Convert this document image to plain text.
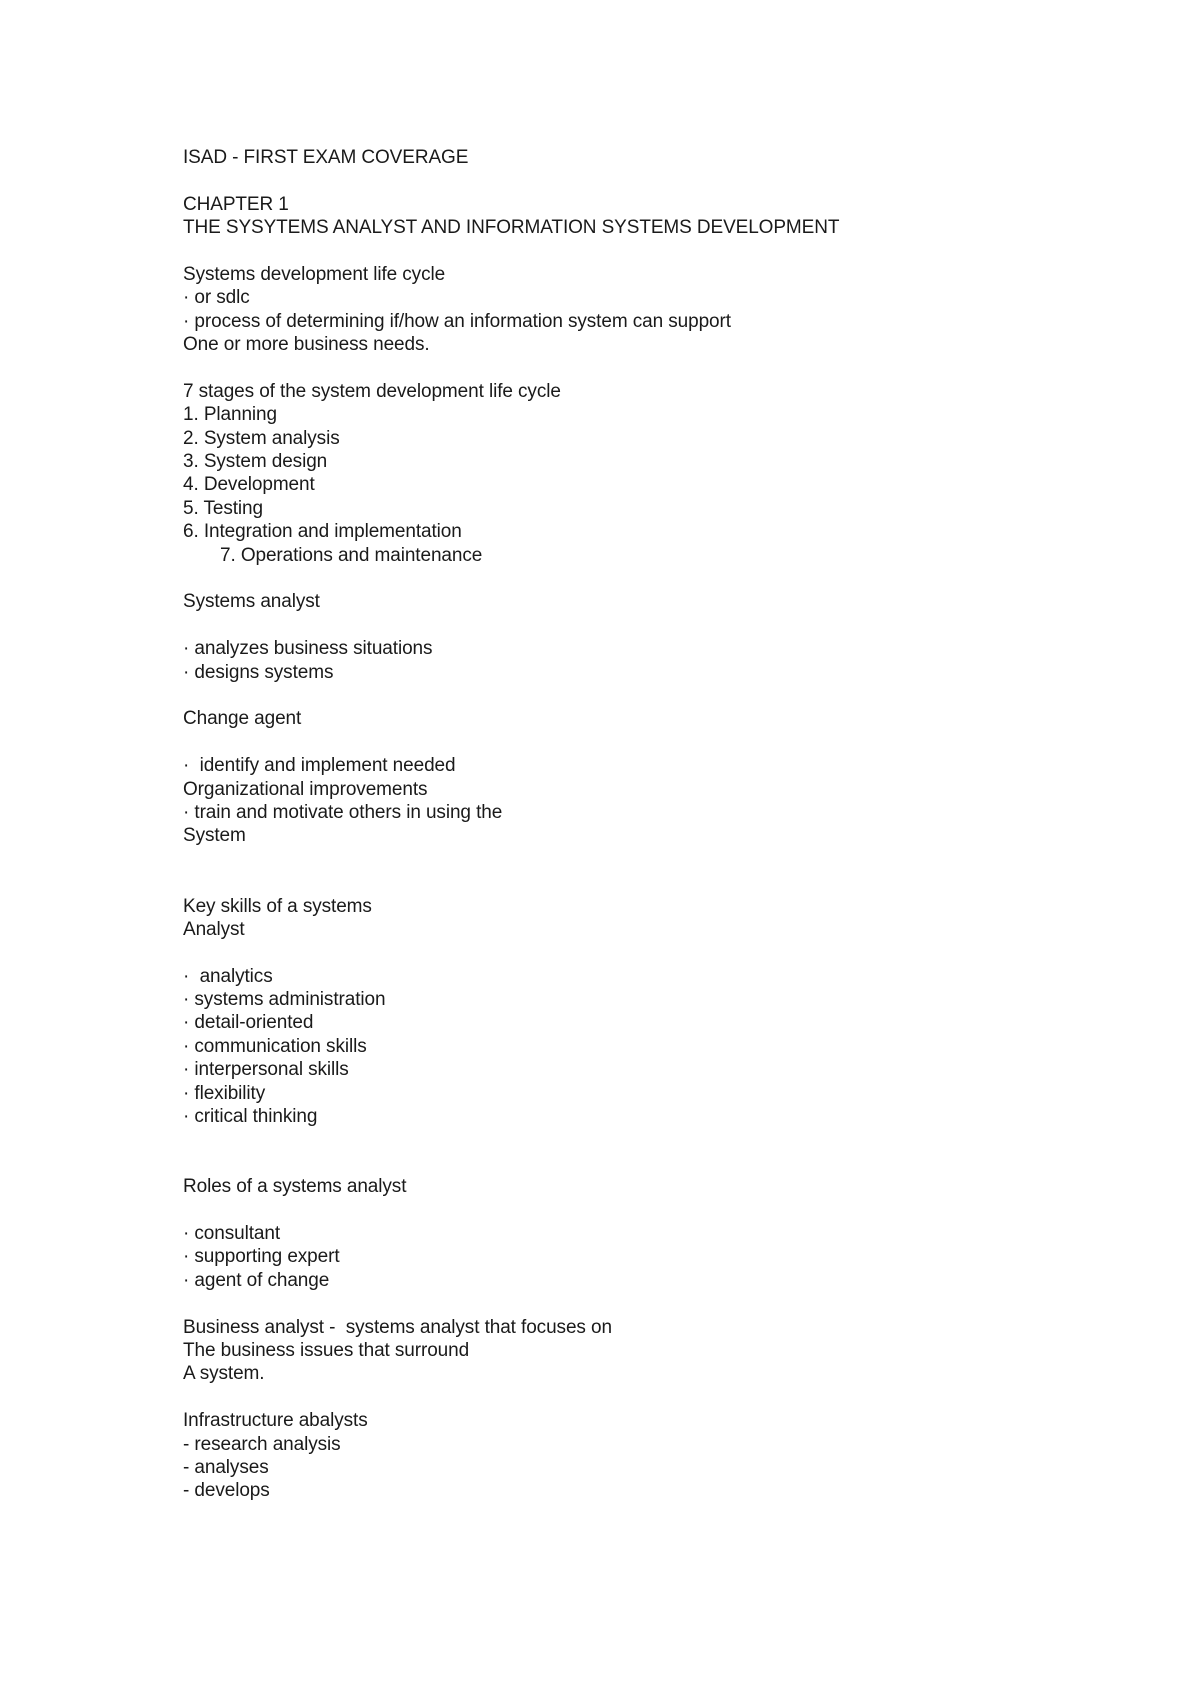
ISAD - FIRST EXAM COVERAGE
CHAPTER 1
THE SYSYTEMS ANALYST AND INFORMATION SYSTEMS DEVELOPMENT
Systems development life cycle
· or sdlc
· process of determining if/how an information system can support
One or more business needs.
7 stages of the system development life cycle
1. Planning
2. System analysis
3. System design
4. Development
5. Testing
6. Integration and implementation
7. Operations and maintenance
Systems analyst
· analyzes business situations
· designs systems
Change agent
·  identify and implement needed
Organizational improvements
· train and motivate others in using the
System
Key skills of a systems
Analyst
·  analytics
· systems administration
· detail-oriented
· communication skills
· interpersonal skills
· flexibility
· critical thinking
Roles of a systems analyst
· consultant
· supporting expert
· agent of change
Business analyst -  systems analyst that focuses on
The business issues that surround
A system.
Infrastructure abalysts
- research analysis
- analyses
- develops
